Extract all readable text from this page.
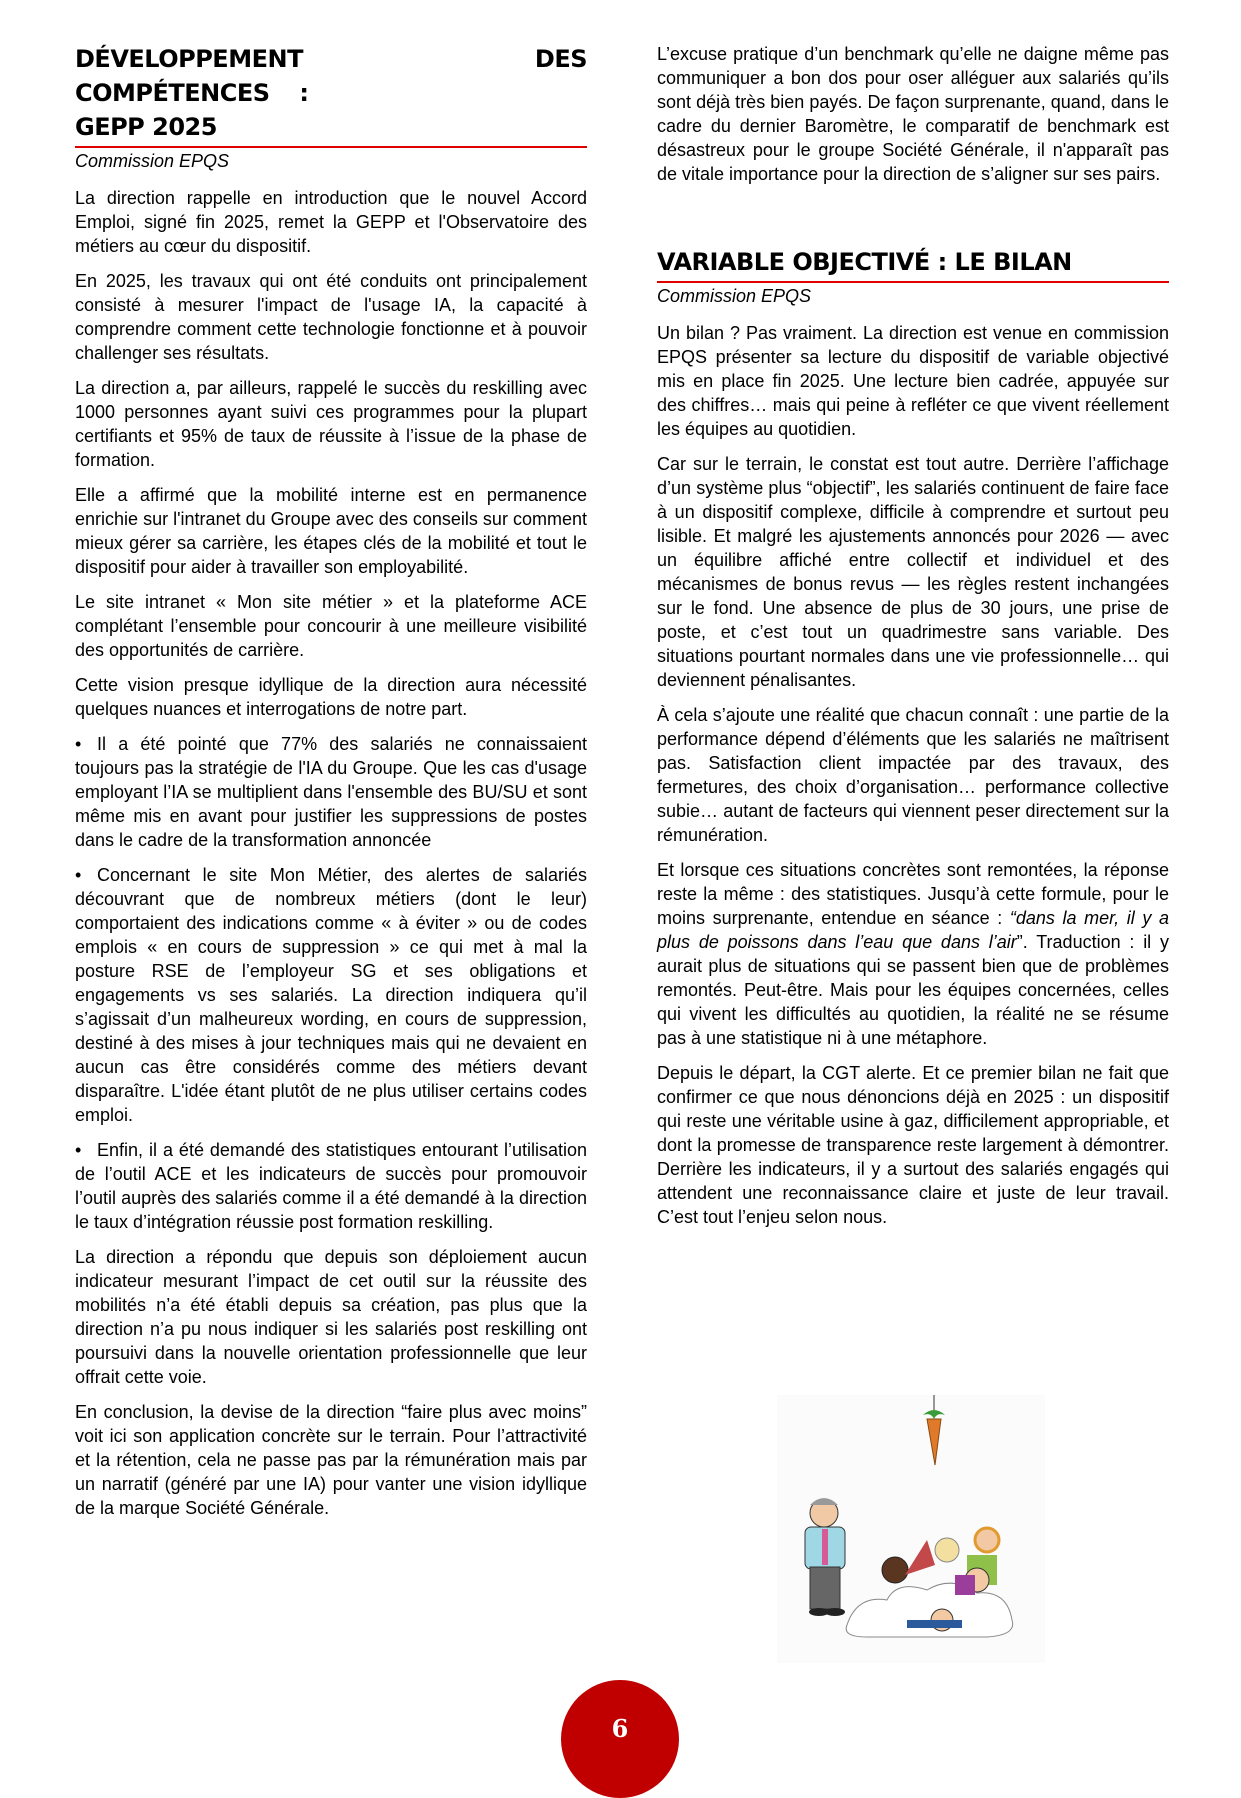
DÉVELOPPEMENT DES COMPÉTENCES :
GEPP 2025
Commission EPQS

La direction rappelle en introduction que le nouvel Accord Emploi, signé fin 2025, remet la GEPP et l'Observatoire des métiers au cœur du dispositif.

En 2025, les travaux qui ont été conduits ont principalement consisté à mesurer l'impact de l'usage IA, la capacité à comprendre comment cette technologie fonctionne et à pouvoir challenger ses résultats.

La direction a, par ailleurs, rappelé le succès du reskilling avec 1000 personnes ayant suivi ces programmes pour la plupart certifiants et 95% de taux de réussite à l’issue de la phase de formation.

Elle a affirmé que la mobilité interne est en permanence enrichie sur l'intranet du Groupe avec des conseils sur comment mieux gérer sa carrière, les étapes clés de la mobilité et tout le dispositif pour aider à travailler son employabilité.

Le site intranet « Mon site métier » et la plateforme ACE complétant l’ensemble pour concourir à une meilleure visibilité des opportunités de carrière.

Cette vision presque idyllique de la direction aura nécessité quelques nuances et interrogations de notre part.

• Il a été pointé que 77% des salariés ne connaissaient toujours pas la stratégie de l'IA du Groupe. Que les cas d'usage employant l’IA se multiplient dans l'ensemble des BU/SU et sont même mis en avant pour justifier les suppressions de postes dans le cadre de la transformation annoncée

• Concernant le site Mon Métier, des alertes de salariés découvrant que de nombreux métiers (dont le leur) comportaient des indications comme « à éviter » ou de codes emplois « en cours de suppression » ce qui met à mal la posture RSE de l’employeur SG et ses obligations et engagements vs ses salariés. La direction indiquera qu’il s’agissait d’un malheureux wording, en cours de suppression, destiné à des mises à jour techniques mais qui ne devaient en aucun cas être considérés comme des métiers devant disparaître. L'idée étant plutôt de ne plus utiliser certains codes emploi.

• Enfin, il a été demandé des statistiques entourant l’utilisation de l’outil ACE et les indicateurs de succès pour promouvoir l’outil auprès des salariés comme il a été demandé à la direction le taux d’intégration réussie post formation reskilling.

La direction a répondu que depuis son déploiement aucun indicateur mesurant l’impact de cet outil sur la réussite des mobilités n’a été établi depuis sa création, pas plus que la direction n’a pu nous indiquer si les salariés post reskilling ont poursuivi dans la nouvelle orientation professionnelle que leur offrait cette voie.

En conclusion, la devise de la direction “faire plus avec moins” voit ici son application concrète sur le terrain. Pour l’attractivité et la rétention, cela ne passe pas par la rémunération mais par un narratif (généré par une IA) pour vanter une vision idyllique de la marque Société Générale.

L’excuse pratique d’un benchmark qu’elle ne daigne même pas communiquer a bon dos pour oser alléguer aux salariés qu’ils sont déjà très bien payés. De façon surprenante, quand, dans le cadre du dernier Baromètre, le comparatif de benchmark est désastreux pour le groupe Société Générale, il n'apparaît pas de vitale importance pour la direction de s’aligner sur ses pairs.

VARIABLE OBJECTIVÉ : LE BILAN
Commission EPQS

Un bilan ? Pas vraiment. La direction est venue en commission EPQS présenter sa lecture du dispositif de variable objectivé mis en place fin 2025. Une lecture bien cadrée, appuyée sur des chiffres… mais qui peine à refléter ce que vivent réellement les équipes au quotidien.

Car sur le terrain, le constat est tout autre. Derrière l’affichage d’un système plus “objectif”, les salariés continuent de faire face à un dispositif complexe, difficile à comprendre et surtout peu lisible. Et malgré les ajustements annoncés pour 2026 — avec un équilibre affiché entre collectif et individuel et des mécanismes de bonus revus — les règles restent inchangées sur le fond. Une absence de plus de 30 jours, une prise de poste, et c’est tout un quadrimestre sans variable. Des situations pourtant normales dans une vie professionnelle… qui deviennent pénalisantes.

À cela s’ajoute une réalité que chacun connaît : une partie de la performance dépend d’éléments que les salariés ne maîtrisent pas. Satisfaction client impactée par des travaux, des fermetures, des choix d’organisation… performance collective subie… autant de facteurs qui viennent peser directement sur la rémunération.

Et lorsque ces situations concrètes sont remontées, la réponse reste la même : des statistiques. Jusqu’à cette formule, pour le moins surprenante, entendue en séance : “dans la mer, il y a plus de poissons dans l’eau que dans l’air”. Traduction : il y aurait plus de situations qui se passent bien que de problèmes remontés. Peut-être. Mais pour les équipes concernées, celles qui vivent les difficultés au quotidien, la réalité ne se résume pas à une statistique ni à une métaphore.

Depuis le départ, la CGT alerte. Et ce premier bilan ne fait que confirmer ce que nous dénoncions déjà en 2025 : un dispositif qui reste une véritable usine à gaz, difficilement appropriable, et dont la promesse de transparence reste largement à démontrer. Derrière les indicateurs, il y a surtout des salariés engagés qui attendent une reconnaissance claire et juste de leur travail. C’est tout l’enjeu selon nous.

6
